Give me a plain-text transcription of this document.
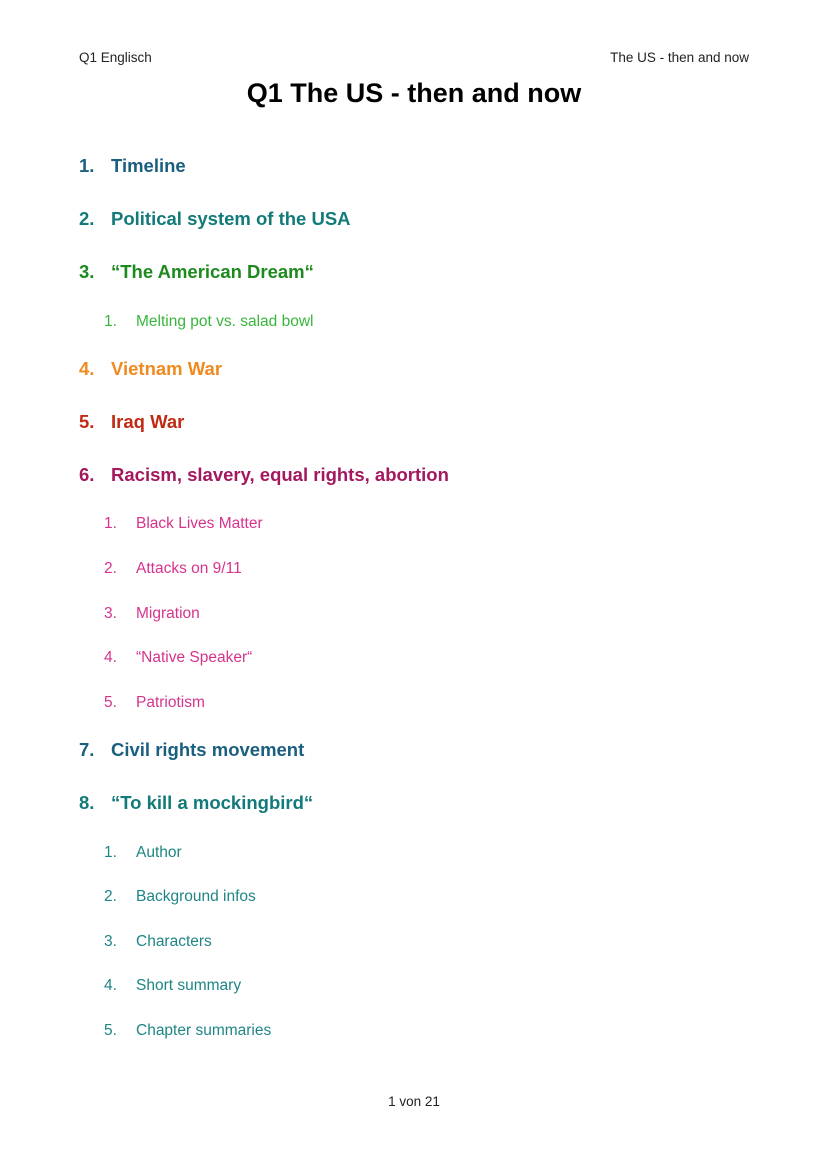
Q1 Englisch	The US - then and now
Q1 The US - then and now
1. Timeline
2. Political system of the USA
3. “The American Dream“
1.	Melting pot vs. salad bowl
4. Vietnam War
5. Iraq War
6. Racism, slavery, equal rights, abortion
1.	Black Lives Matter
2.	Attacks on 9/11
3.	Migration
4.	“Native Speaker“
5.	Patriotism
7. Civil rights movement
8. “To kill a mockingbird“
1.	Author
2.	Background infos
3.	Characters
4.	Short summary
5.	Chapter summaries
1 von 21
